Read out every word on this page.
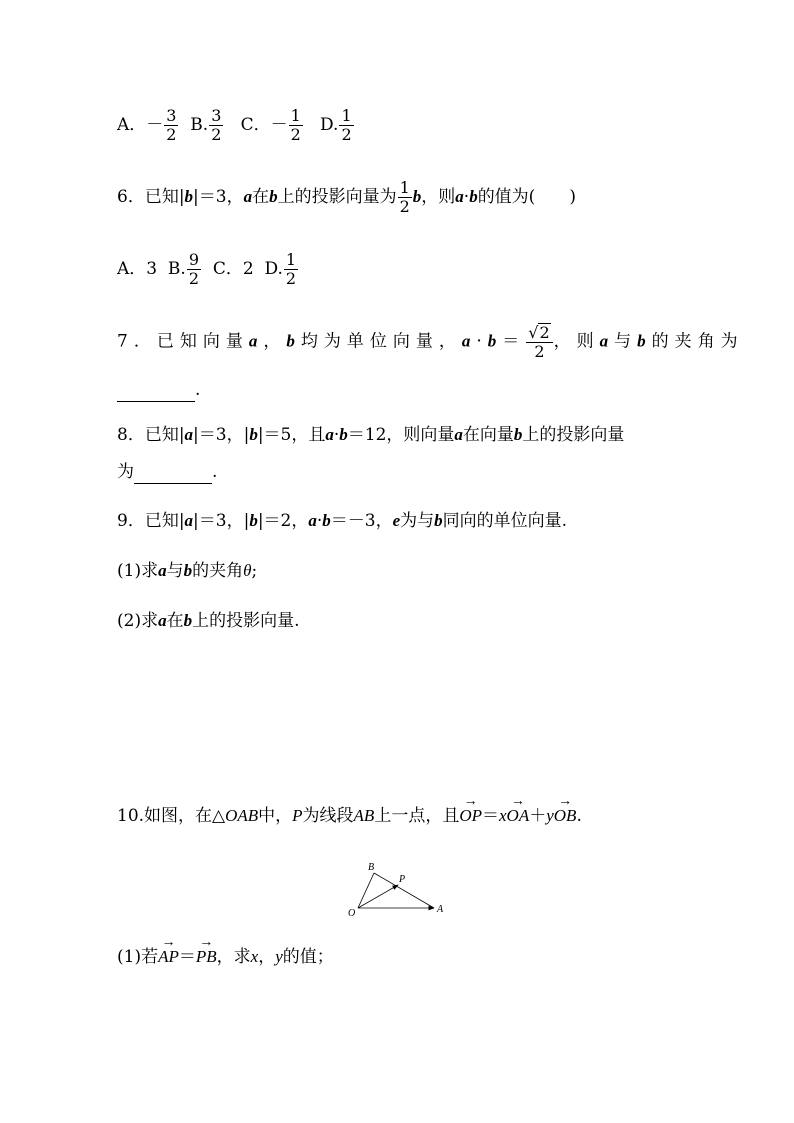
A．－ $\frac{3}{2} B$. $\frac{3}{2}$ C．－ $\frac{1}{2} D$. $\frac{1}{2}$
6．已知|b|＝3，a在b上的投影向量为 $\frac{1}{2}$ b，则a·b的值为(　　)
A．3 B. $\frac{9}{2}$ C．2 D. $\frac{1}{2}$
7．已知向量a，b均为单位向量，$a\cdot b= \frac{√2}{2}$ ，则a与b的夹角为
.
8．已知|a|＝3，|b|＝5，且a·b＝12，则向量a在向量b上的投影向量
为	.
9．已知|a|＝3，|b|＝2，a·b＝－3，e为与b同向的单位向量.
(1)求a与b的夹角θ;
(2)求a在b上的投影向量.
10.如图，在△OAB中，P为线段AB上一点，且→ OP＝x→ OA＋y→ OB.
B
P
O	A
(1)若→ AP＝→ PB，求x，y的值；
